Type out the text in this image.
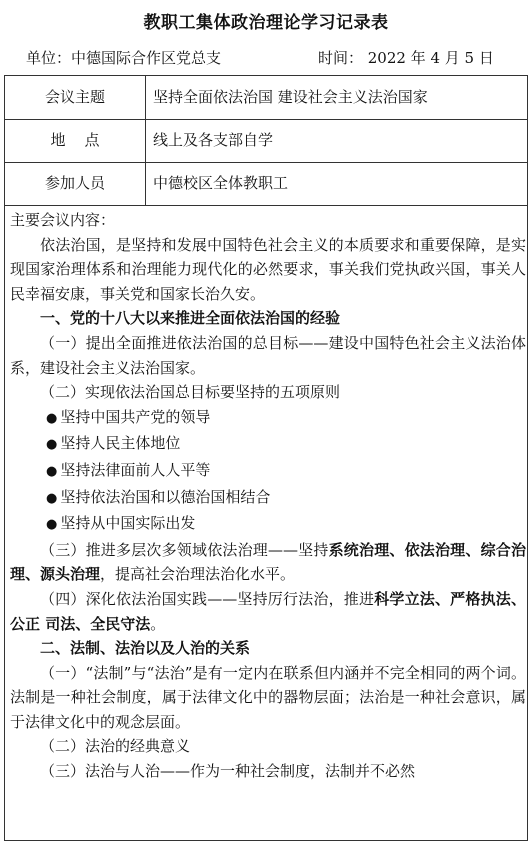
教职工集体政治理论学习记录表
单位：中德国际合作区党总支	时间： 2022 年 4 月 5 日
会议主题	坚持全面依法治国 建设社会主义法治国家
地    点	线上及各支部自学
参加人员	中德校区全体教职工

主要会议内容：

依法治国，是坚持和发展中国特色社会主义的本质要求和重要保障，是实现国家治理体系和治理能力现代化的必然要求，事关我们党执政兴国，事关人民幸福安康，事关党和国家长治久安。

一、党的十八大以来推进全面依法治国的经验

（一）提出全面推进依法治国的总目标——建设中国特色社会主义法治体系，建设社会主义法治国家。

（二）实现依法治国总目标要坚持的五项原则

● 坚持中国共产党的领导

● 坚持人民主体地位

● 坚持法律面前人人平等

● 坚持依法治国和以德治国相结合

● 坚持从中国实际出发

（三）推进多层次多领域依法治理——坚持系统治理、依法治理、综合治理、源头治理，提高社会治理法治化水平。

（四）深化依法治国实践——坚持厉行法治，推进科学立法、严格执法、公正 司法、全民守法。

二、法制、法治以及人治的关系

（一）“法制”与“法治”是有一定内在联系但内涵并不完全相同的两个词。法制是一种社会制度，属于法律文化中的器物层面；法治是一种社会意识，属于法律文化中的观念层面。

（二）法治的经典意义

（三）法治与人治——作为一种社会制度，法制并不必然
